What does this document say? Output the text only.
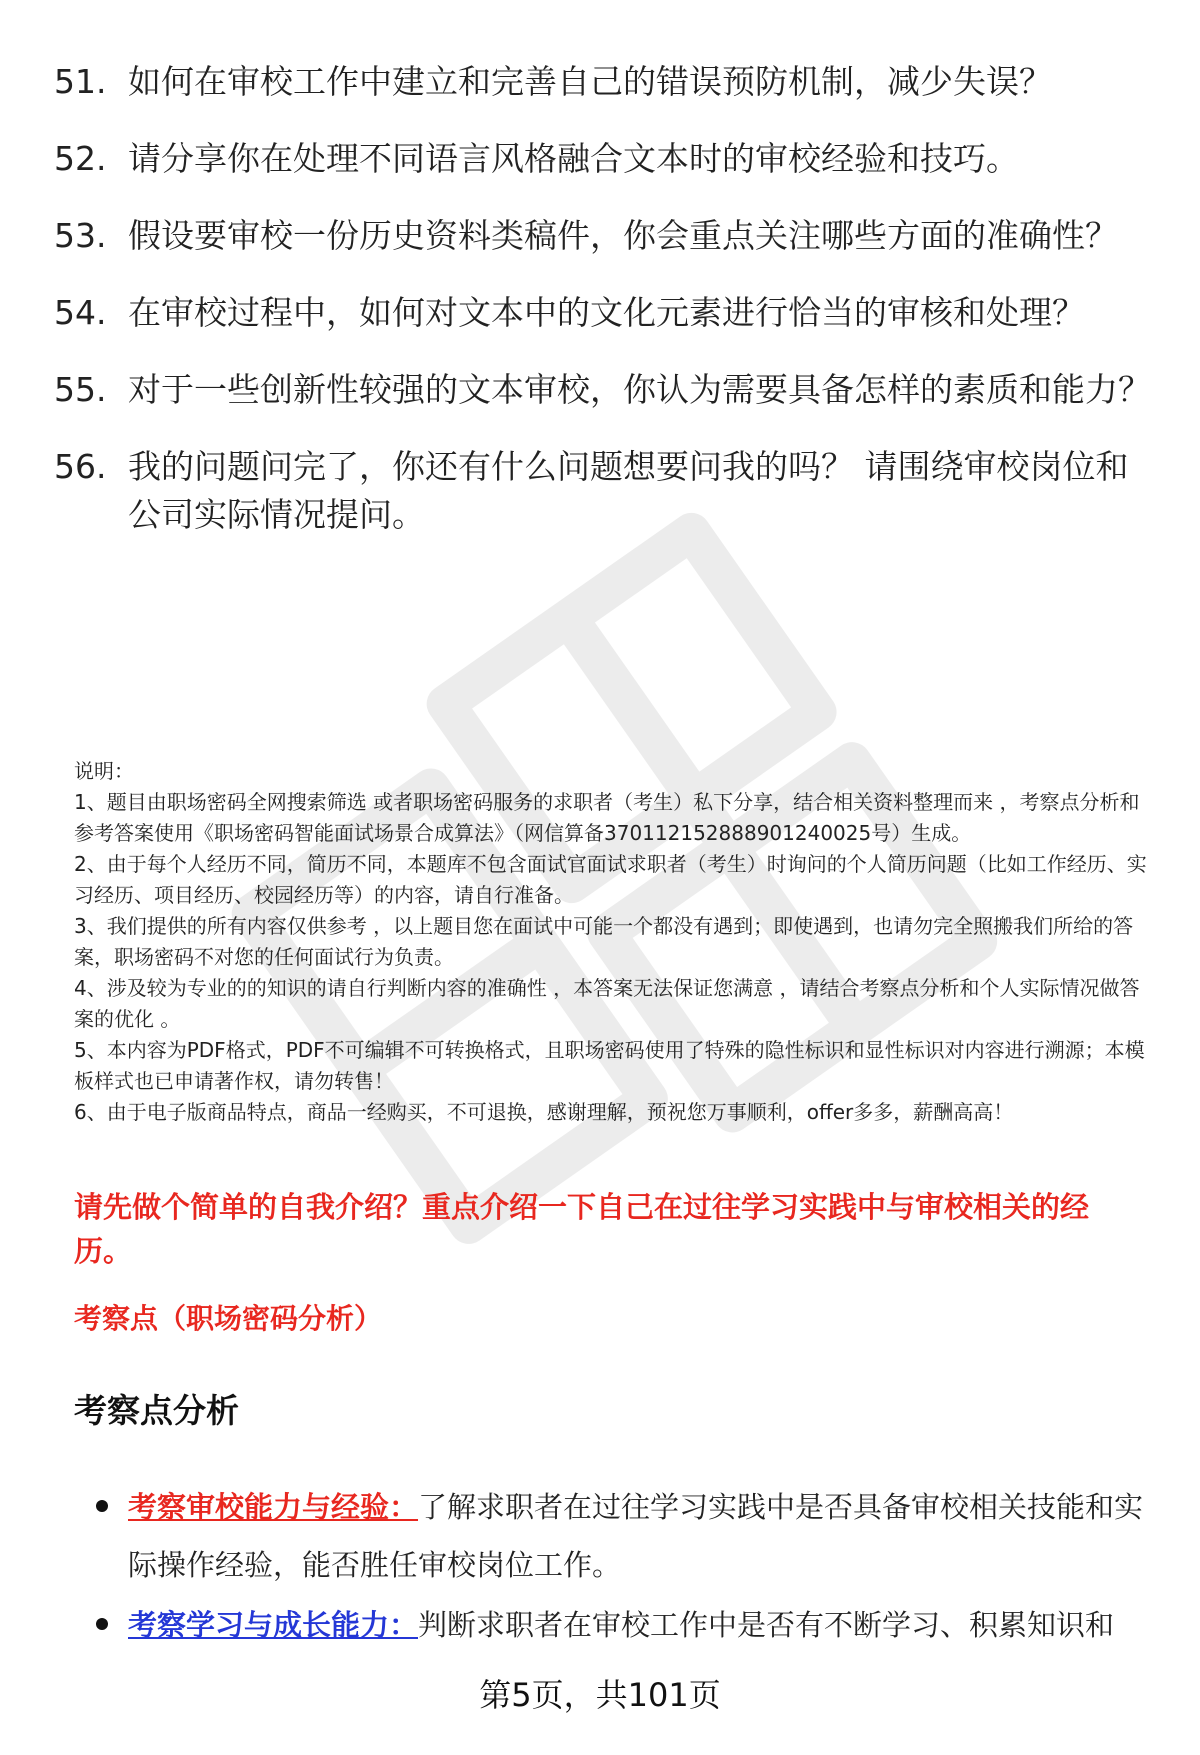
51. 如何在审校工作中建立和完善自己的错误预防机制，减少失误？
52. 请分享你在处理不同语言风格融合文本时的审校经验和技巧。
53. 假设要审校一份历史资料类稿件，你会重点关注哪些方面的准确性？
54. 在审校过程中，如何对文本中的文化元素进行恰当的审核和处理？
55. 对于一些创新性较强的文本审校，你认为需要具备怎样的素质和能力？
56. 我的问题问完了，你还有什么问题想要问我的吗？ 请围绕审校岗位和公司实际情况提问。

说明：

1、题目由职场密码全网搜索筛选 或者职场密码服务的求职者（考生）私下分享，结合相关资料整理而来 ，考察点分析和参考答案使用《职场密码智能面试场景合成算法》（网信算备370112152888901240025号）生成。

2、由于每个人经历不同，简历不同，本题库不包含面试官面试求职者（考生）时询问的个人简历问题（比如工作经历、实习经历、项目经历、校园经历等）的内容，请自行准备。

3、我们提供的所有内容仅供参考 ，以上题目您在面试中可能一个都没有遇到；即使遇到，也请勿完全照搬我们所给的答案，职场密码不对您的任何面试行为负责。

4、涉及较为专业的的知识的请自行判断内容的准确性 ，本答案无法保证您满意 ，请结合考察点分析和个人实际情况做答案的优化 。

5、本内容为PDF格式，PDF不可编辑不可转换格式，且职场密码使用了特殊的隐性标识和显性标识对内容进行溯源；本模板样式也已申请著作权，请勿转售！

6、由于电子版商品特点，商品一经购买，不可退换，感谢理解，预祝您万事顺利，offer多多，薪酬高高！

请先做个简单的自我介绍？重点介绍一下自己在过往学习实践中与审校相关的经历。
考察点（职场密码分析）
考察点分析
考察审校能力与经验：了解求职者在过往学习实践中是否具备审校相关技能和实际操作经验，能否胜任审校岗位工作。
考察学习与成长能力：判断求职者在审校工作中是否有不断学习、积累知识和
第5页，共101页
